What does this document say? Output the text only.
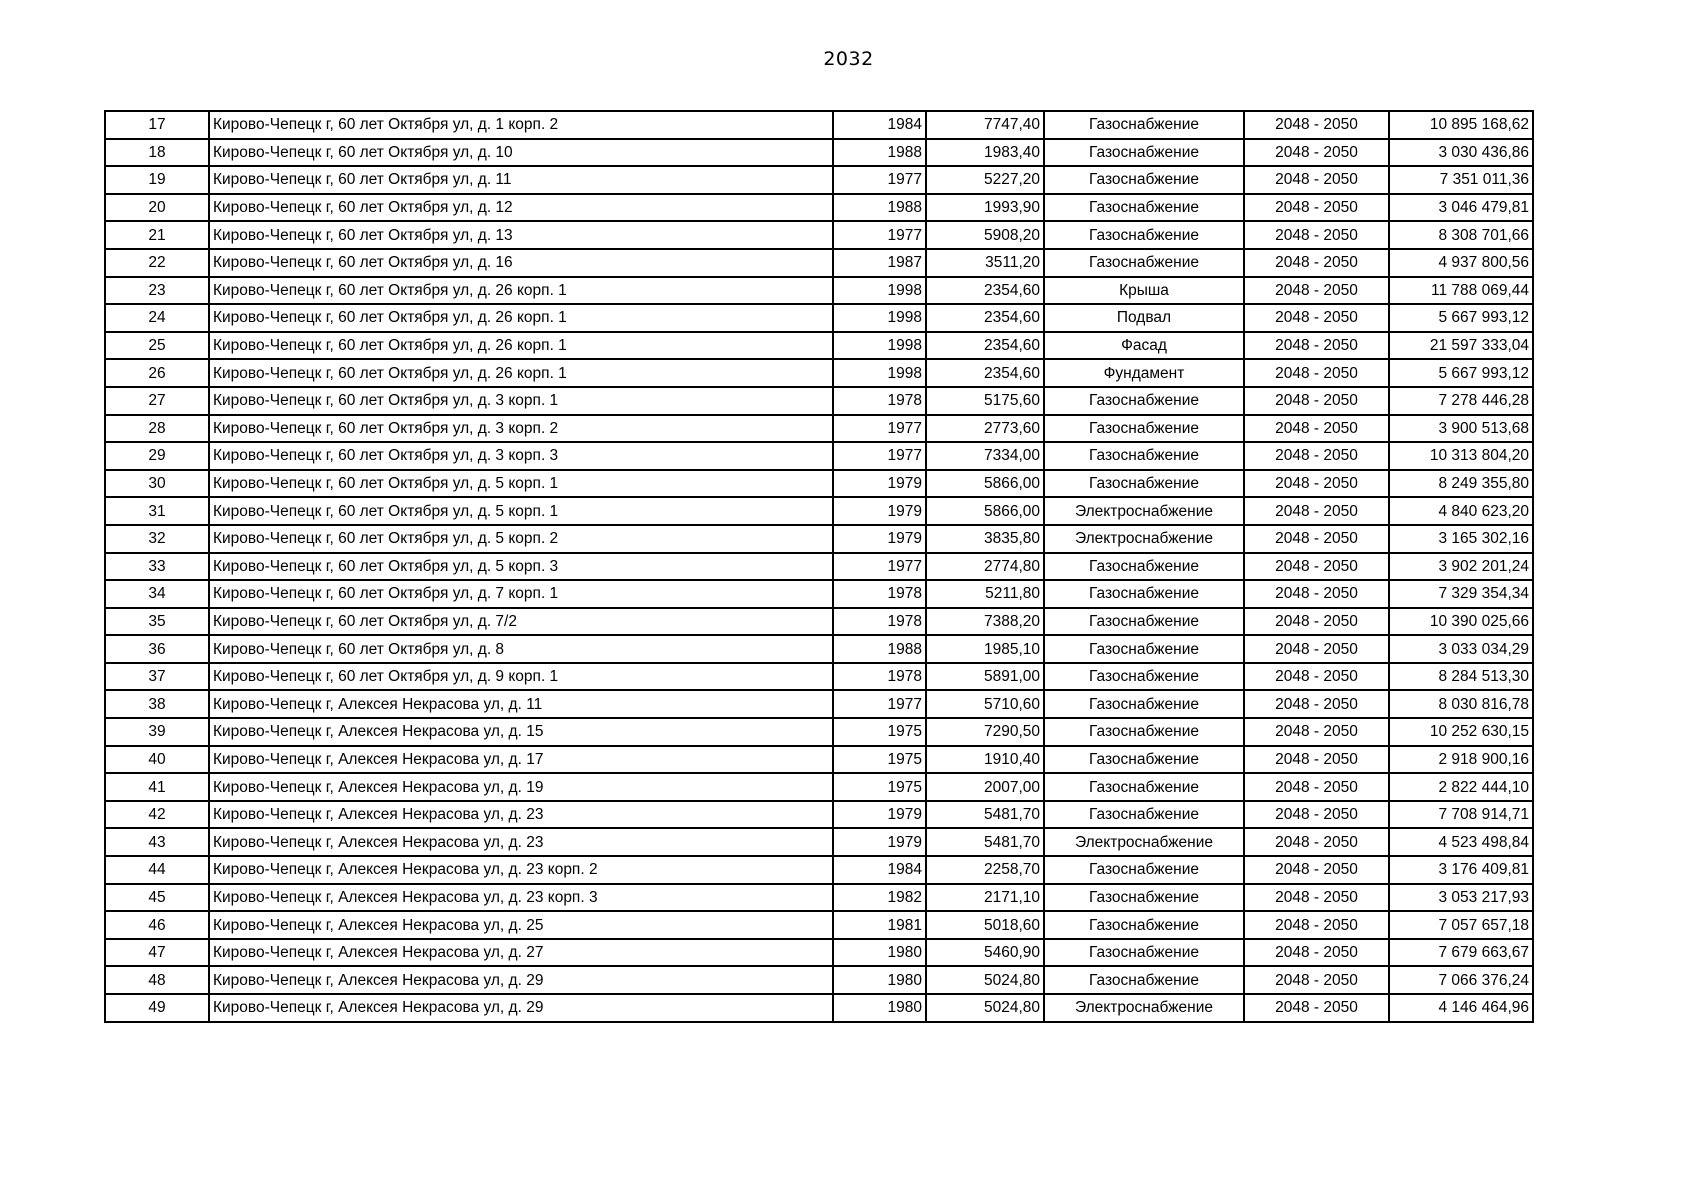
2032
17	Кирово-Чепецк г, 60 лет Октября ул, д. 1 корп. 2	1984	7747,40	Газоснабжение	2048 - 2050	10 895 168,62
18	Кирово-Чепецк г, 60 лет Октября ул, д. 10	1988	1983,40	Газоснабжение	2048 - 2050	3 030 436,86
19	Кирово-Чепецк г, 60 лет Октября ул, д. 11	1977	5227,20	Газоснабжение	2048 - 2050	7 351 011,36
20	Кирово-Чепецк г, 60 лет Октября ул, д. 12	1988	1993,90	Газоснабжение	2048 - 2050	3 046 479,81
21	Кирово-Чепецк г, 60 лет Октября ул, д. 13	1977	5908,20	Газоснабжение	2048 - 2050	8 308 701,66
22	Кирово-Чепецк г, 60 лет Октября ул, д. 16	1987	3511,20	Газоснабжение	2048 - 2050	4 937 800,56
23	Кирово-Чепецк г, 60 лет Октября ул, д. 26 корп. 1	1998	2354,60	Крыша	2048 - 2050	11 788 069,44
24	Кирово-Чепецк г, 60 лет Октября ул, д. 26 корп. 1	1998	2354,60	Подвал	2048 - 2050	5 667 993,12
25	Кирово-Чепецк г, 60 лет Октября ул, д. 26 корп. 1	1998	2354,60	Фасад	2048 - 2050	21 597 333,04
26	Кирово-Чепецк г, 60 лет Октября ул, д. 26 корп. 1	1998	2354,60	Фундамент	2048 - 2050	5 667 993,12
27	Кирово-Чепецк г, 60 лет Октября ул, д. 3 корп. 1	1978	5175,60	Газоснабжение	2048 - 2050	7 278 446,28
28	Кирово-Чепецк г, 60 лет Октября ул, д. 3 корп. 2	1977	2773,60	Газоснабжение	2048 - 2050	3 900 513,68
29	Кирово-Чепецк г, 60 лет Октября ул, д. 3 корп. 3	1977	7334,00	Газоснабжение	2048 - 2050	10 313 804,20
30	Кирово-Чепецк г, 60 лет Октября ул, д. 5 корп. 1	1979	5866,00	Газоснабжение	2048 - 2050	8 249 355,80
31	Кирово-Чепецк г, 60 лет Октября ул, д. 5 корп. 1	1979	5866,00	Электроснабжение	2048 - 2050	4 840 623,20
32	Кирово-Чепецк г, 60 лет Октября ул, д. 5 корп. 2	1979	3835,80	Электроснабжение	2048 - 2050	3 165 302,16
33	Кирово-Чепецк г, 60 лет Октября ул, д. 5 корп. 3	1977	2774,80	Газоснабжение	2048 - 2050	3 902 201,24
34	Кирово-Чепецк г, 60 лет Октября ул, д. 7 корп. 1	1978	5211,80	Газоснабжение	2048 - 2050	7 329 354,34
35	Кирово-Чепецк г, 60 лет Октября ул, д. 7/2	1978	7388,20	Газоснабжение	2048 - 2050	10 390 025,66
36	Кирово-Чепецк г, 60 лет Октября ул, д. 8	1988	1985,10	Газоснабжение	2048 - 2050	3 033 034,29
37	Кирово-Чепецк г, 60 лет Октября ул, д. 9 корп. 1	1978	5891,00	Газоснабжение	2048 - 2050	8 284 513,30
38	Кирово-Чепецк г, Алексея Некрасова ул, д. 11	1977	5710,60	Газоснабжение	2048 - 2050	8 030 816,78
39	Кирово-Чепецк г, Алексея Некрасова ул, д. 15	1975	7290,50	Газоснабжение	2048 - 2050	10 252 630,15
40	Кирово-Чепецк г, Алексея Некрасова ул, д. 17	1975	1910,40	Газоснабжение	2048 - 2050	2 918 900,16
41	Кирово-Чепецк г, Алексея Некрасова ул, д. 19	1975	2007,00	Газоснабжение	2048 - 2050	2 822 444,10
42	Кирово-Чепецк г, Алексея Некрасова ул, д. 23	1979	5481,70	Газоснабжение	2048 - 2050	7 708 914,71
43	Кирово-Чепецк г, Алексея Некрасова ул, д. 23	1979	5481,70	Электроснабжение	2048 - 2050	4 523 498,84
44	Кирово-Чепецк г, Алексея Некрасова ул, д. 23 корп. 2	1984	2258,70	Газоснабжение	2048 - 2050	3 176 409,81
45	Кирово-Чепецк г, Алексея Некрасова ул, д. 23 корп. 3	1982	2171,10	Газоснабжение	2048 - 2050	3 053 217,93
46	Кирово-Чепецк г, Алексея Некрасова ул, д. 25	1981	5018,60	Газоснабжение	2048 - 2050	7 057 657,18
47	Кирово-Чепецк г, Алексея Некрасова ул, д. 27	1980	5460,90	Газоснабжение	2048 - 2050	7 679 663,67
48	Кирово-Чепецк г, Алексея Некрасова ул, д. 29	1980	5024,80	Газоснабжение	2048 - 2050	7 066 376,24
49	Кирово-Чепецк г, Алексея Некрасова ул, д. 29	1980	5024,80	Электроснабжение	2048 - 2050	4 146 464,96
